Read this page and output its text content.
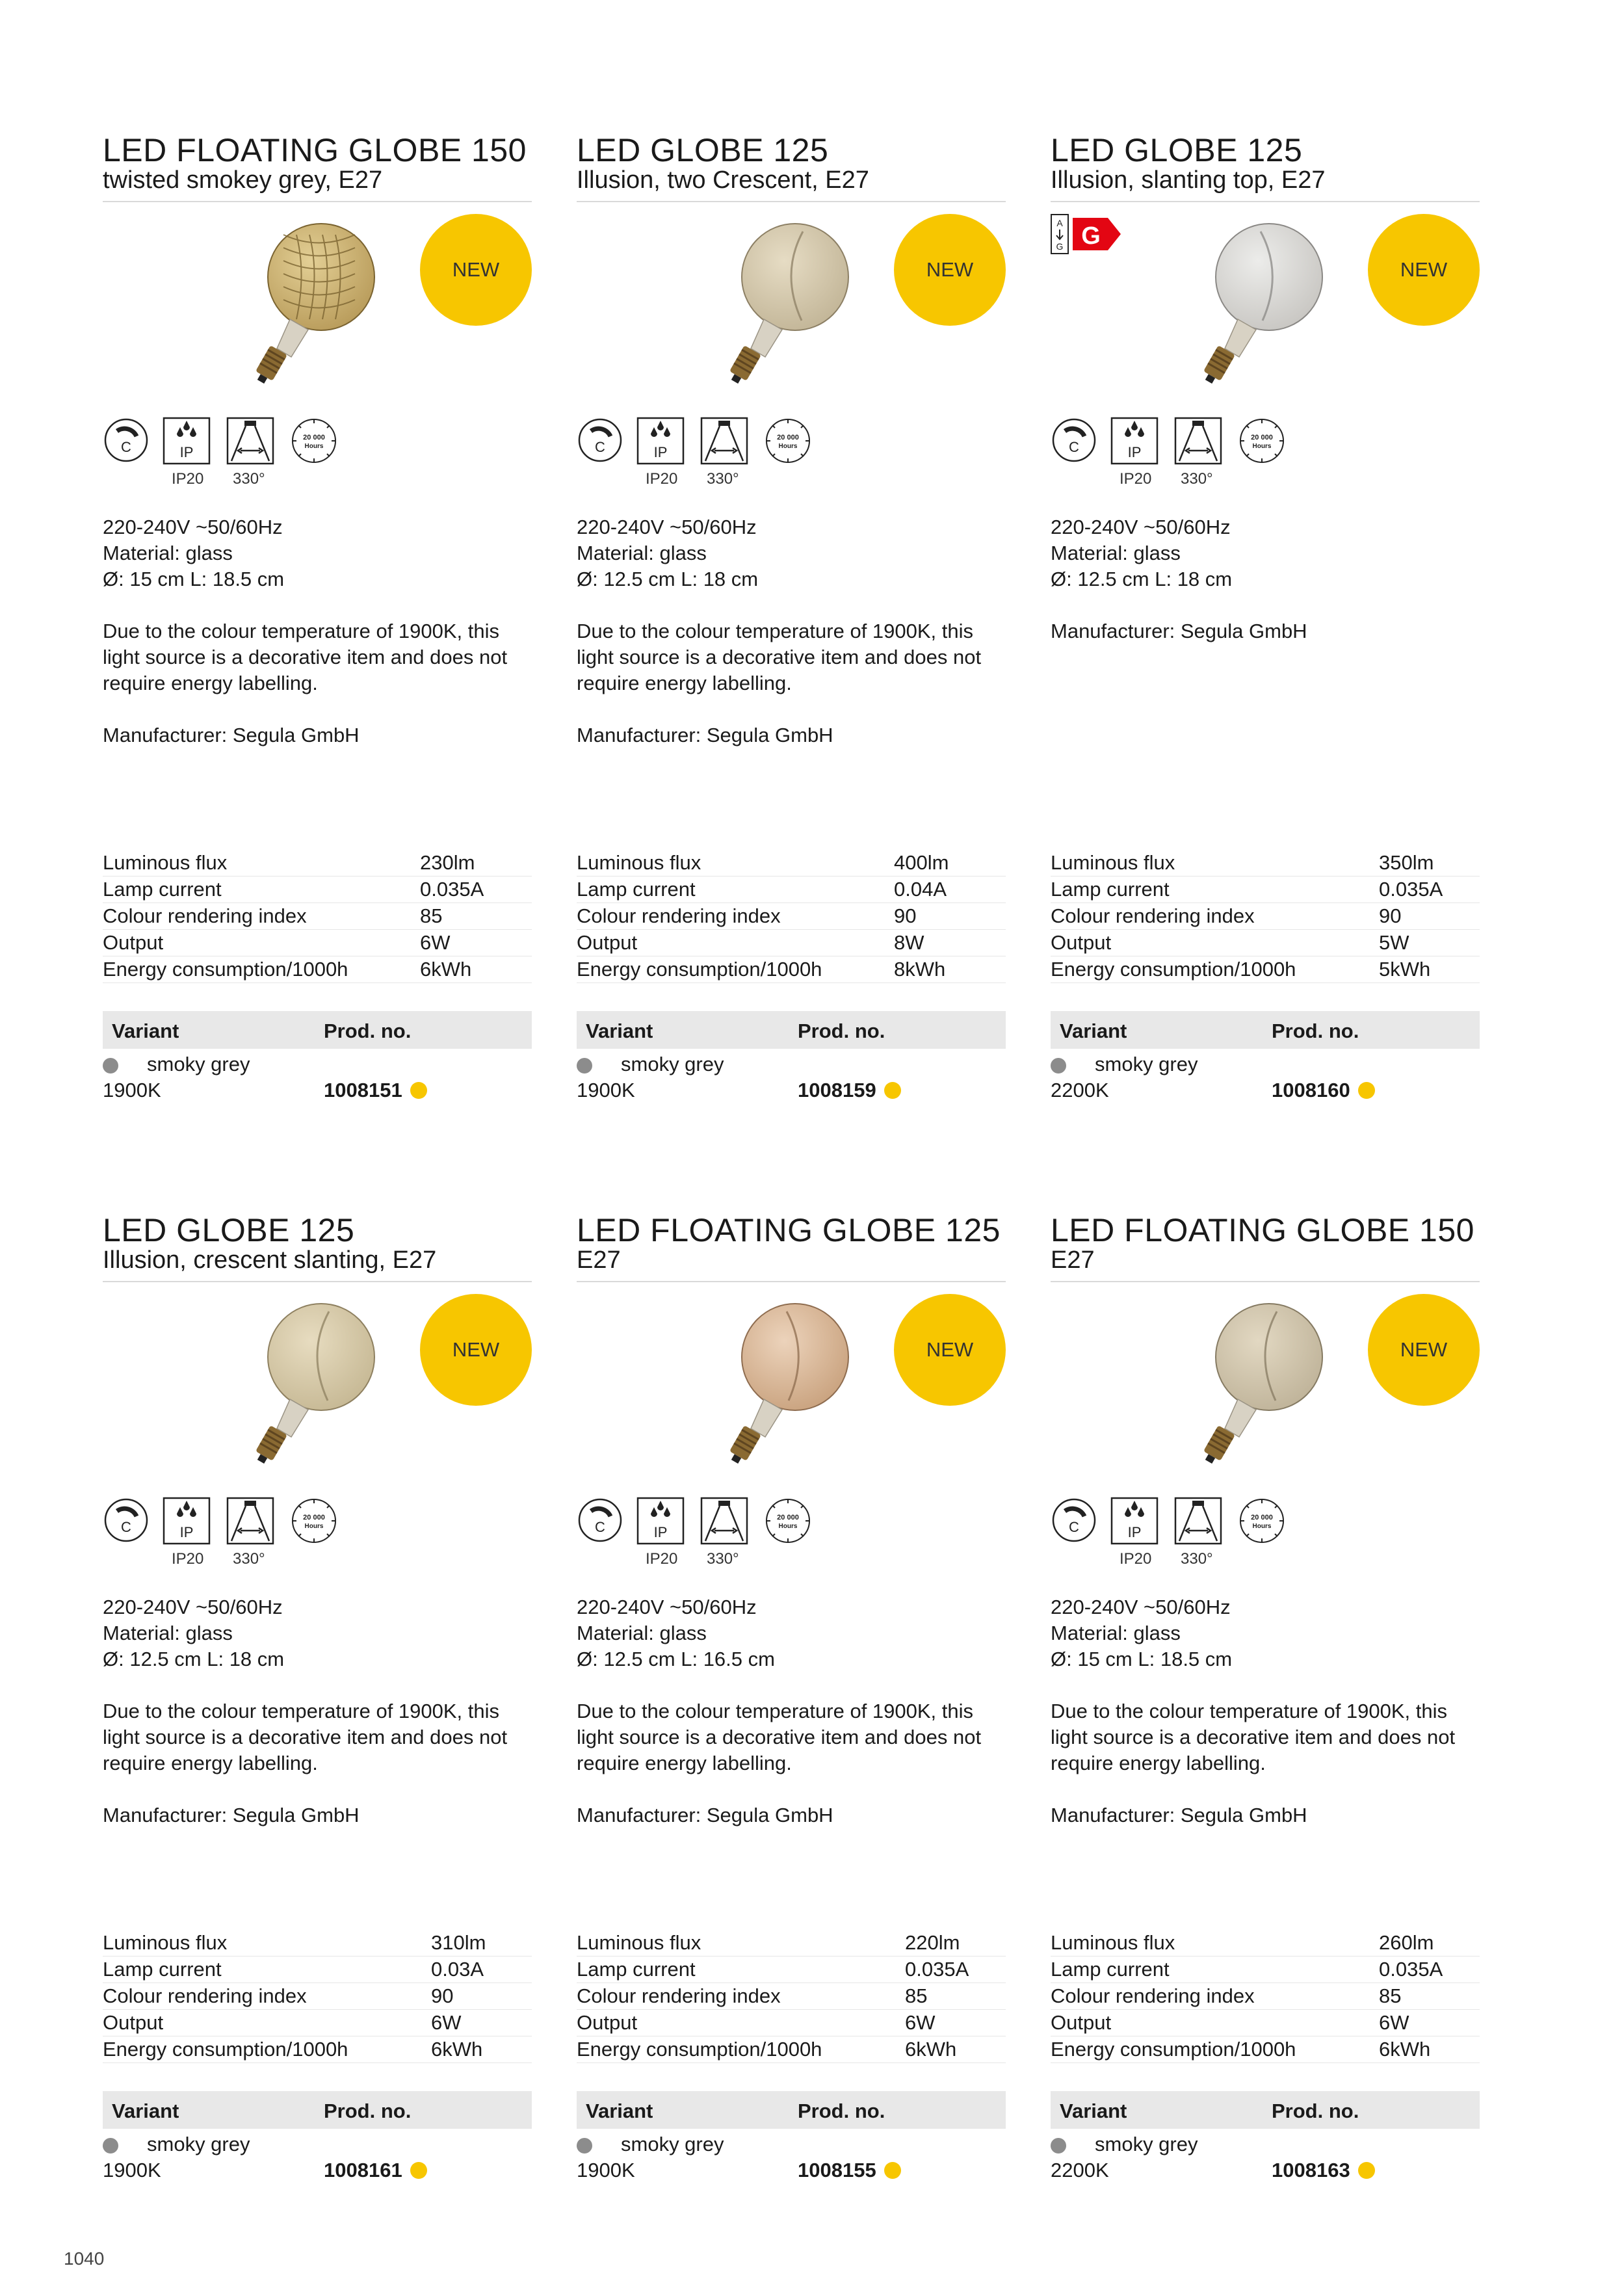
LED FLOATING GLOBE 150

twisted smokey grey, E27

NEW
C	IP
20 000
Hours
IP20 330°

220-240V ~50/60Hz

Material: glass

Ø: 15 cm L: 18.5 cm

Due to the colour temperature of 1900K, this

light source is a decorative item and does not

require energy labelling.

Manufacturer: Segula GmbH

Luminous flux	230lm
Lamp current	0.035A
Colour rendering index	85
Output	6W
Energy consumption/1000h	6kWh
Variant	Prod. no.
smoky grey
1900K	1008151
LED GLOBE 125

Illusion, two Crescent, E27

NEW
C	IP
20 000
Hours
IP20 330°

220-240V ~50/60Hz

Material: glass

Ø: 12.5 cm L: 18 cm

Due to the colour temperature of 1900K, this

light source is a decorative item and does not

require energy labelling.

Manufacturer: Segula GmbH

Luminous flux	400lm
Lamp current	0.04A
Colour rendering index	90
Output	8W
Energy consumption/1000h	8kWh
Variant	Prod. no.
smoky grey
1900K	1008159
LED GLOBE 125

Illusion, slanting top, E27

A
G G
NEW
C	IP
20 000
Hours
IP20 330°

220-240V ~50/60Hz

Material: glass

Ø: 12.5 cm L: 18 cm

Manufacturer: Segula GmbH

Luminous flux	350lm
Lamp current	0.035A
Colour rendering index	90
Output	5W
Energy consumption/1000h	5kWh
Variant	Prod. no.
smoky grey
2200K	1008160
LED GLOBE 125

Illusion, crescent slanting, E27

NEW
C	IP
20 000
Hours
IP20 330°

220-240V ~50/60Hz

Material: glass

Ø: 12.5 cm L: 18 cm

Due to the colour temperature of 1900K, this

light source is a decorative item and does not

require energy labelling.

Manufacturer: Segula GmbH

Luminous flux	310lm
Lamp current	0.03A
Colour rendering index	90
Output	6W
Energy consumption/1000h	6kWh
Variant	Prod. no.
smoky grey
1900K	1008161
LED FLOATING GLOBE 125

E27

NEW
C	IP
20 000
Hours
IP20 330°

220-240V ~50/60Hz

Material: glass

Ø: 12.5 cm L: 16.5 cm

Due to the colour temperature of 1900K, this

light source is a decorative item and does not

require energy labelling.

Manufacturer: Segula GmbH

Luminous flux	220lm
Lamp current	0.035A
Colour rendering index	85
Output	6W
Energy consumption/1000h	6kWh
Variant	Prod. no.
smoky grey
1900K	1008155
LED FLOATING GLOBE 150

E27

NEW
C	IP
20 000
Hours
IP20 330°

220-240V ~50/60Hz

Material: glass

Ø: 15 cm L: 18.5 cm

Due to the colour temperature of 1900K, this

light source is a decorative item and does not

require energy labelling.

Manufacturer: Segula GmbH

Luminous flux	260lm
Lamp current	0.035A
Colour rendering index	85
Output	6W
Energy consumption/1000h	6kWh
Variant	Prod. no.
smoky grey
2200K	1008163
1040
